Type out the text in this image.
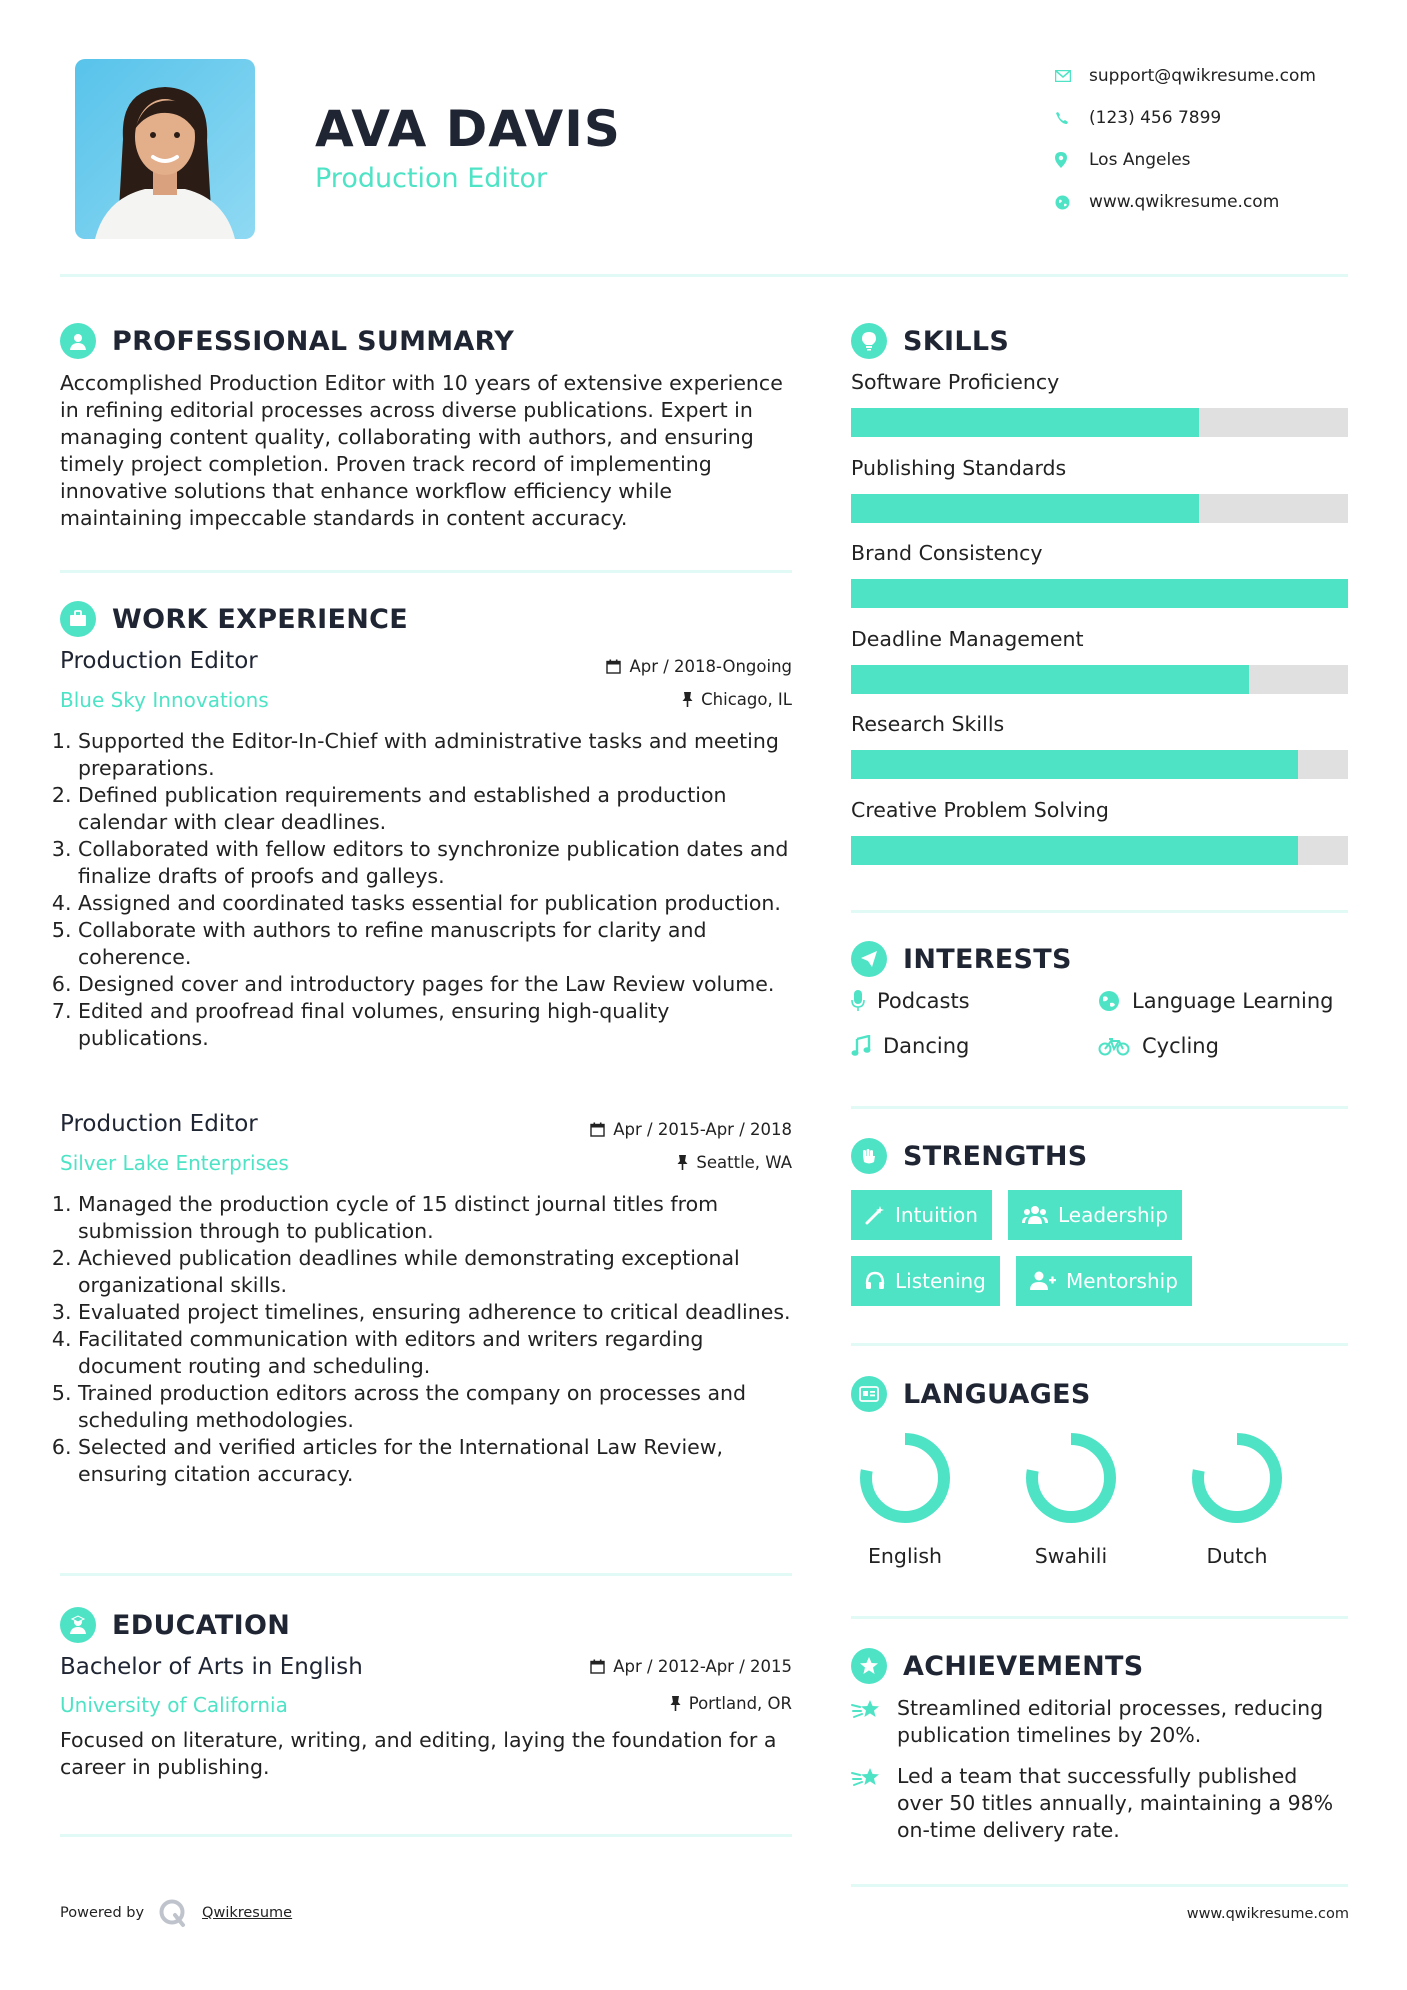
AVA DAVIS
Production Editor
support@qwikresume.com
(123) 456 7899
Los Angeles
www.qwikresume.com
PROFESSIONAL SUMMARY
Accomplished Production Editor with 10 years of extensive experience
in refining editorial processes across diverse publications. Expert in
managing content quality, collaborating with authors, and ensuring
timely project completion. Proven track record of implementing
innovative solutions that enhance workflow efficiency while
maintaining impeccable standards in content accuracy.
WORK EXPERIENCE
Production Editor
Blue Sky Innovations
Apr / 2018-Ongoing
Chicago, IL
1. Supported the Editor-In-Chief with administrative tasks and meeting preparations.
2. Defined publication requirements and established a production calendar with clear deadlines.
3. Collaborated with fellow editors to synchronize publication dates and finalize drafts of proofs and galleys.
4. Assigned and coordinated tasks essential for publication production.
5. Collaborate with authors to refine manuscripts for clarity and coherence.
6. Designed cover and introductory pages for the Law Review volume.
7. Edited and proofread final volumes, ensuring high-quality publications.
Production Editor
Silver Lake Enterprises
Apr / 2015-Apr / 2018
Seattle, WA
1. Managed the production cycle of 15 distinct journal titles from submission through to publication.
2. Achieved publication deadlines while demonstrating exceptional organizational skills.
3. Evaluated project timelines, ensuring adherence to critical deadlines.
4. Facilitated communication with editors and writers regarding document routing and scheduling.
5. Trained production editors across the company on processes and scheduling methodologies.
6. Selected and verified articles for the International Law Review, ensuring citation accuracy.
EDUCATION
Bachelor of Arts in English
University of California
Apr / 2012-Apr / 2015
Portland, OR
Focused on literature, writing, and editing, laying the foundation for a
career in publishing.
SKILLS
Software Proficiency
Publishing Standards
Brand Consistency
Deadline Management
Research Skills
Creative Problem Solving
INTERESTS
Podcasts	Language Learning
Dancing	Cycling
STRENGTHS
Intuition	Leadership
Listening	Mentorship
LANGUAGES
English	Swahili	Dutch
ACHIEVEMENTS
Streamlined editorial processes, reducing
publication timelines by 20%.
Led a team that successfully published
over 50 titles annually, maintaining a 98%
on-time delivery rate.
Powered by	Qwikresume	www.qwikresume.com
